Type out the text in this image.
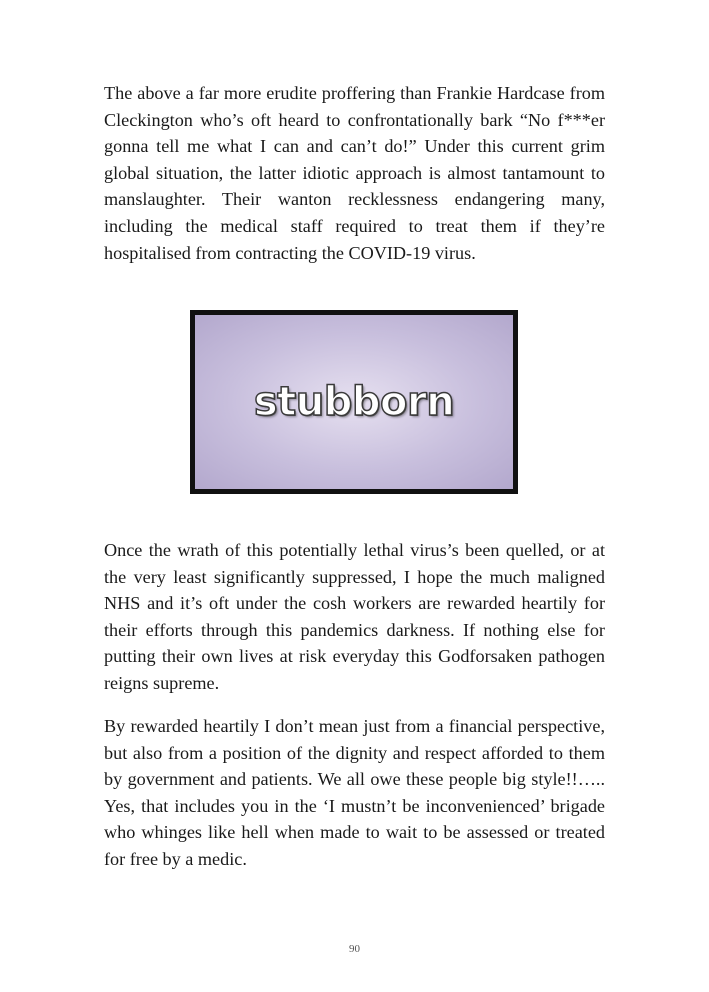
The above a far more erudite proffering than Frankie Hardcase from Cleckington who’s oft heard to confrontationally bark “No f***er gonna tell me what I can and can’t do!” Under this current grim global situation, the latter idiotic approach is almost tantamount to manslaughter. Their wanton recklessness endangering many, including the medical staff required to treat them if they’re hospitalised from contracting the COVID-19 virus.

stubborn

Once the wrath of this potentially lethal virus’s been quelled, or at the very least significantly suppressed, I hope the much maligned NHS and it’s oft under the cosh workers are rewarded heartily for their efforts through this pandemics darkness. If nothing else for putting their own lives at risk everyday this Godforsaken pathogen reigns supreme.

By rewarded heartily I don’t mean just from a financial perspective, but also from a position of the dignity and respect afforded to them by government and patients. We all owe these people big style!!….. Yes, that includes you in the ‘I mustn’t be inconvenienced’ brigade who whinges like hell when made to wait to be assessed or treated for free by a medic.

90
